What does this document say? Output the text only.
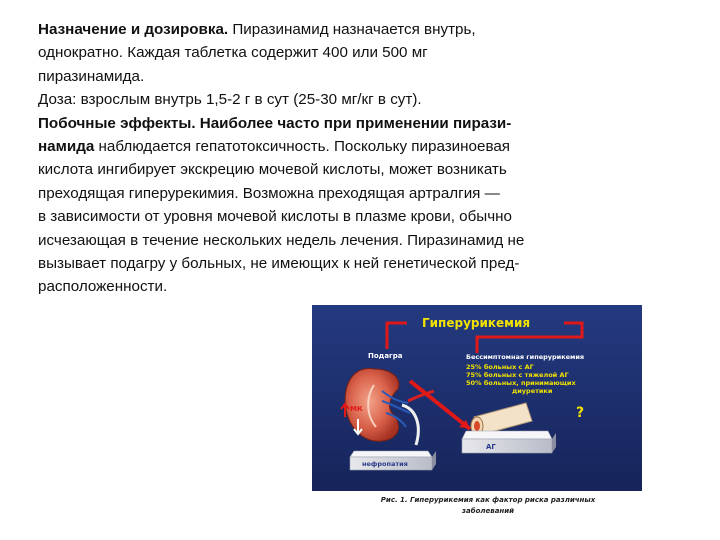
Назначение и дозировка. Пиразинамид назначается внутрь,
однократно. Каждая таблетка содержит 400 или 500 мг
пиразинамида.
Доза: взрослым внутрь 1,5-2 г в сут (25-30 мг/кг в сут).
Побочные эффекты. Наиболее часто при применении пирази-
намида наблюдается гепатотоксичность. Поскольку пиразиноевая
кислота ингибирует экскрецию мочевой кислоты, может возникать
преходящая гиперурекимия. Возможна преходящая артралгия —
в зависимости от уровня мочевой кислоты в плазме крови, обычно
исчезающая в течение нескольких недель лечения. Пиразинамид не
вызывает подагру у больных, не имеющих к ней генетической пред-
расположенности.
Гиперурикемия
Подагра	Бессимптомная гиперурикемия
25% больных с АГ
75% больных с тяжелой АГ
50% больных, принимающих
диуретики
МК	?
АГ
нефропатия
Рис. 1. Гиперурикемия как фактор риска различных
заболеваний
